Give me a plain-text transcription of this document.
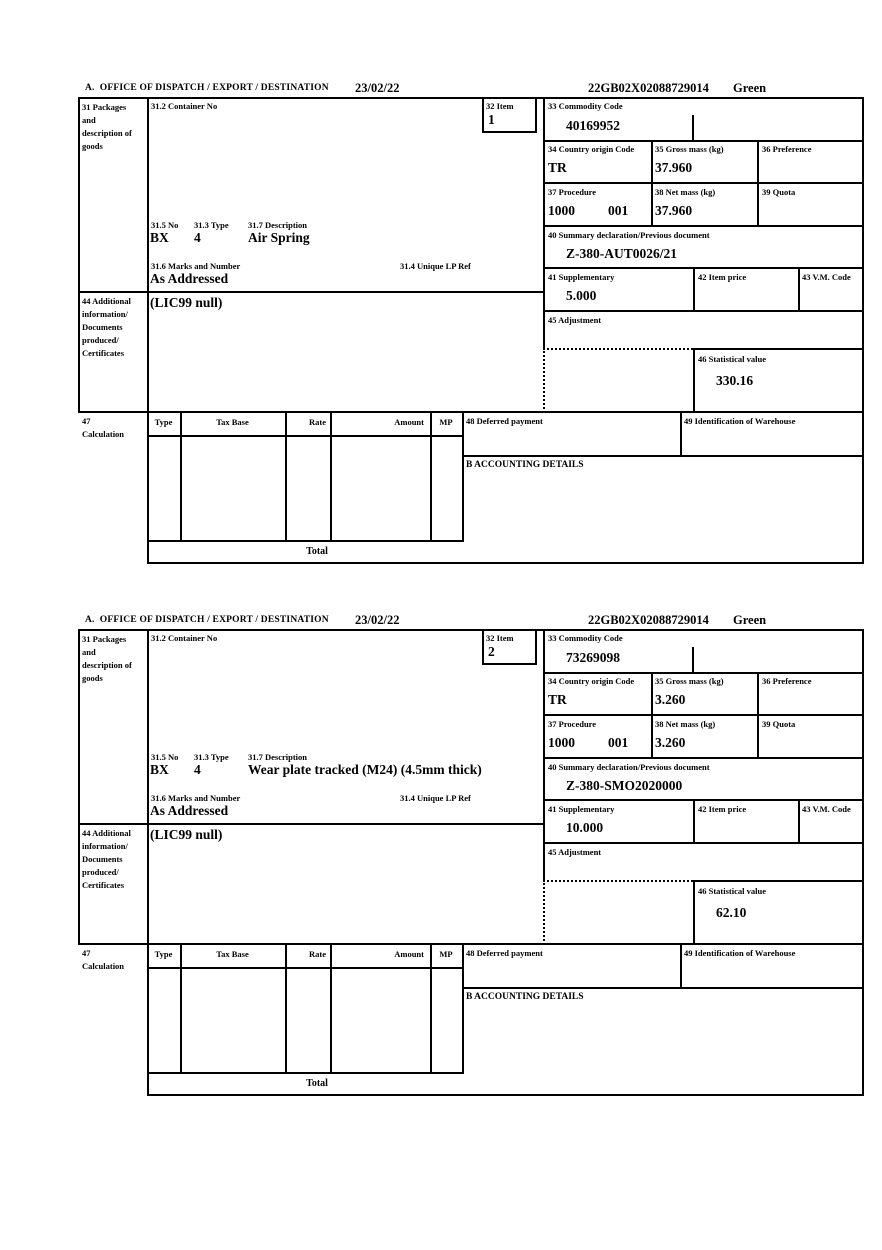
A.  OFFICE OF DISPATCH / EXPORT / DESTINATION 23/02/22	22GB02X02088729014 Green
31 Packages and description of goods
44 Additional information/ Documents produced/ Certificates
47 Calculation
31.2 Container No	32 Item
1
31.5 No 31.3 Type 31.7 Description
BX 4	Air Spring
31.6 Marks and Number	31.4 Unique LP Ref
As Addressed
(LIC99 null)
33 Commodity Code
40169952
34 Country origin Code
TR
35 Gross mass (kg)
37.960
36 Preference
37 Procedure
1000 001
38 Net mass (kg)
37.960
39 Quota
40 Summary declaration/Previous document
Z-380-AUT0026/21
41 Supplementary
5.000
42 Item price	43 V.M. Code
45 Adjustment
46 Statistical value
330.16
Type	Tax Base	Rate	Amount	MP	48 Deferred payment	49 Identification of Warehouse
B ACCOUNTING DETAILS
Total
A.  OFFICE OF DISPATCH / EXPORT / DESTINATION 23/02/22	22GB02X02088729014 Green
31 Packages and description of goods
44 Additional information/ Documents produced/ Certificates
47 Calculation
31.2 Container No	32 Item
2
31.5 No 31.3 Type 31.7 Description
BX 4	Wear plate tracked (M24) (4.5mm thick)
31.6 Marks and Number	31.4 Unique LP Ref
As Addressed
(LIC99 null)
33 Commodity Code
73269098
34 Country origin Code
TR
35 Gross mass (kg)
3.260
36 Preference
37 Procedure
1000 001
38 Net mass (kg)
3.260
39 Quota
40 Summary declaration/Previous document
Z-380-SMO2020000
41 Supplementary
10.000
42 Item price	43 V.M. Code
45 Adjustment
46 Statistical value
62.10
Type	Tax Base	Rate	Amount	MP	48 Deferred payment	49 Identification of Warehouse
B ACCOUNTING DETAILS
Total
